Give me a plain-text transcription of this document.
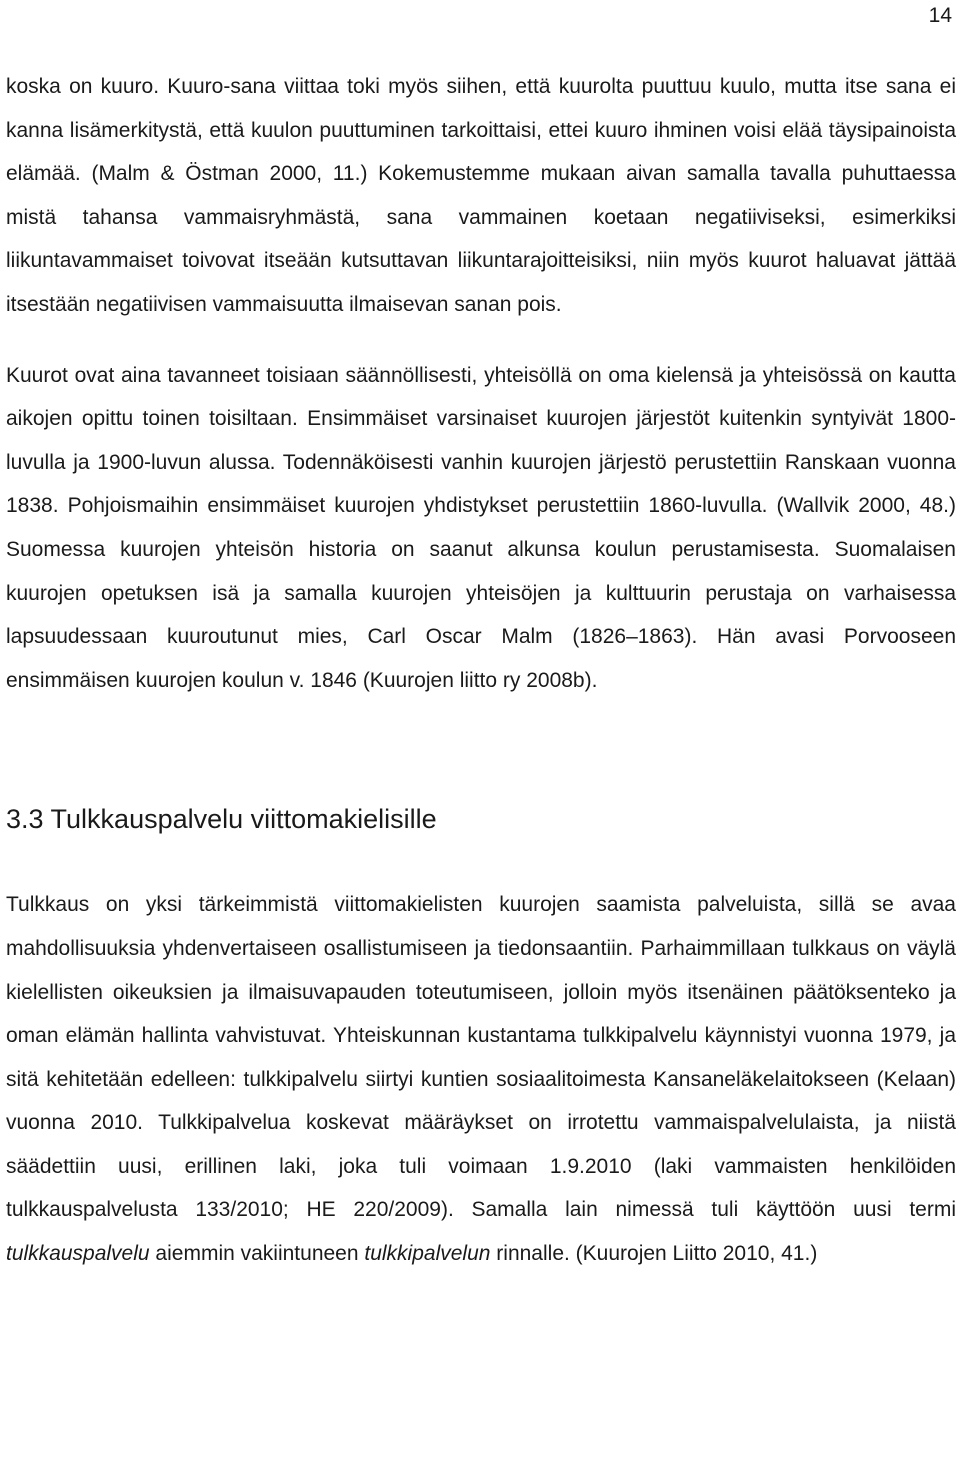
14

koska on kuuro. Kuuro-sana viittaa toki myös siihen, että kuurolta puuttuu kuulo, mutta itse sana ei kanna lisämerkitystä, että kuulon puuttuminen tarkoittaisi, ettei kuuro ihminen voisi elää täysipainoista elämää. (Malm & Östman 2000, 11.) Kokemustemme mukaan aivan samalla tavalla puhuttaessa mistä tahansa vammaisryhmästä, sana vammainen koetaan negatiiviseksi, esimerkiksi liikuntavammaiset toivovat itseään kutsuttavan liikuntarajoitteisiksi, niin myös kuurot haluavat jättää itsestään negatiivisen vammaisuutta ilmaisevan sanan pois.

Kuurot ovat aina tavanneet toisiaan säännöllisesti, yhteisöllä on oma kielensä ja yhteisössä on kautta aikojen opittu toinen toisiltaan. Ensimmäiset varsinaiset kuurojen järjestöt kuitenkin syntyivät 1800-luvulla ja 1900-luvun alussa. Todennäköisesti vanhin kuurojen järjestö perustettiin Ranskaan vuonna 1838. Pohjoismaihin ensimmäiset kuurojen yhdistykset perustettiin 1860-luvulla. (Wallvik 2000, 48.) Suomessa kuurojen yhteisön historia on saanut alkunsa koulun perustamisesta. Suomalaisen kuurojen opetuksen isä ja samalla kuurojen yhteisöjen ja kulttuurin perustaja on varhaisessa lapsuudessaan kuuroutunut mies, Carl Oscar Malm (1826–1863). Hän avasi Porvooseen ensimmäisen kuurojen koulun v. 1846 (Kuurojen liitto ry 2008b).

3.3 Tulkkauspalvelu viittomakielisille

Tulkkaus on yksi tärkeimmistä viittomakielisten kuurojen saamista palveluista, sillä se avaa mahdollisuuksia yhdenvertaiseen osallistumiseen ja tiedonsaantiin. Parhaimmillaan tulkkaus on väylä kielellisten oikeuksien ja ilmaisuvapauden toteutumiseen, jolloin myös itsenäinen päätöksenteko ja oman elämän hallinta vahvistuvat. Yhteiskunnan kustantama tulkkipalvelu käynnistyi vuonna 1979, ja sitä kehitetään edelleen: tulkkipalvelu siirtyi kuntien sosiaalitoimesta Kansaneläkelaitokseen (Kelaan) vuonna 2010. Tulkkipalvelua koskevat määräykset on irrotettu vammaispalvelulaista, ja niistä säädettiin uusi, erillinen laki, joka tuli voimaan 1.9.2010 (laki vammaisten henkilöiden tulkkauspalvelusta 133/2010; HE 220/2009). Samalla lain nimessä tuli käyttöön uusi termi tulkkauspalvelu aiemmin vakiintuneen tulkkipalvelun rinnalle. (Kuurojen Liitto 2010, 41.)
